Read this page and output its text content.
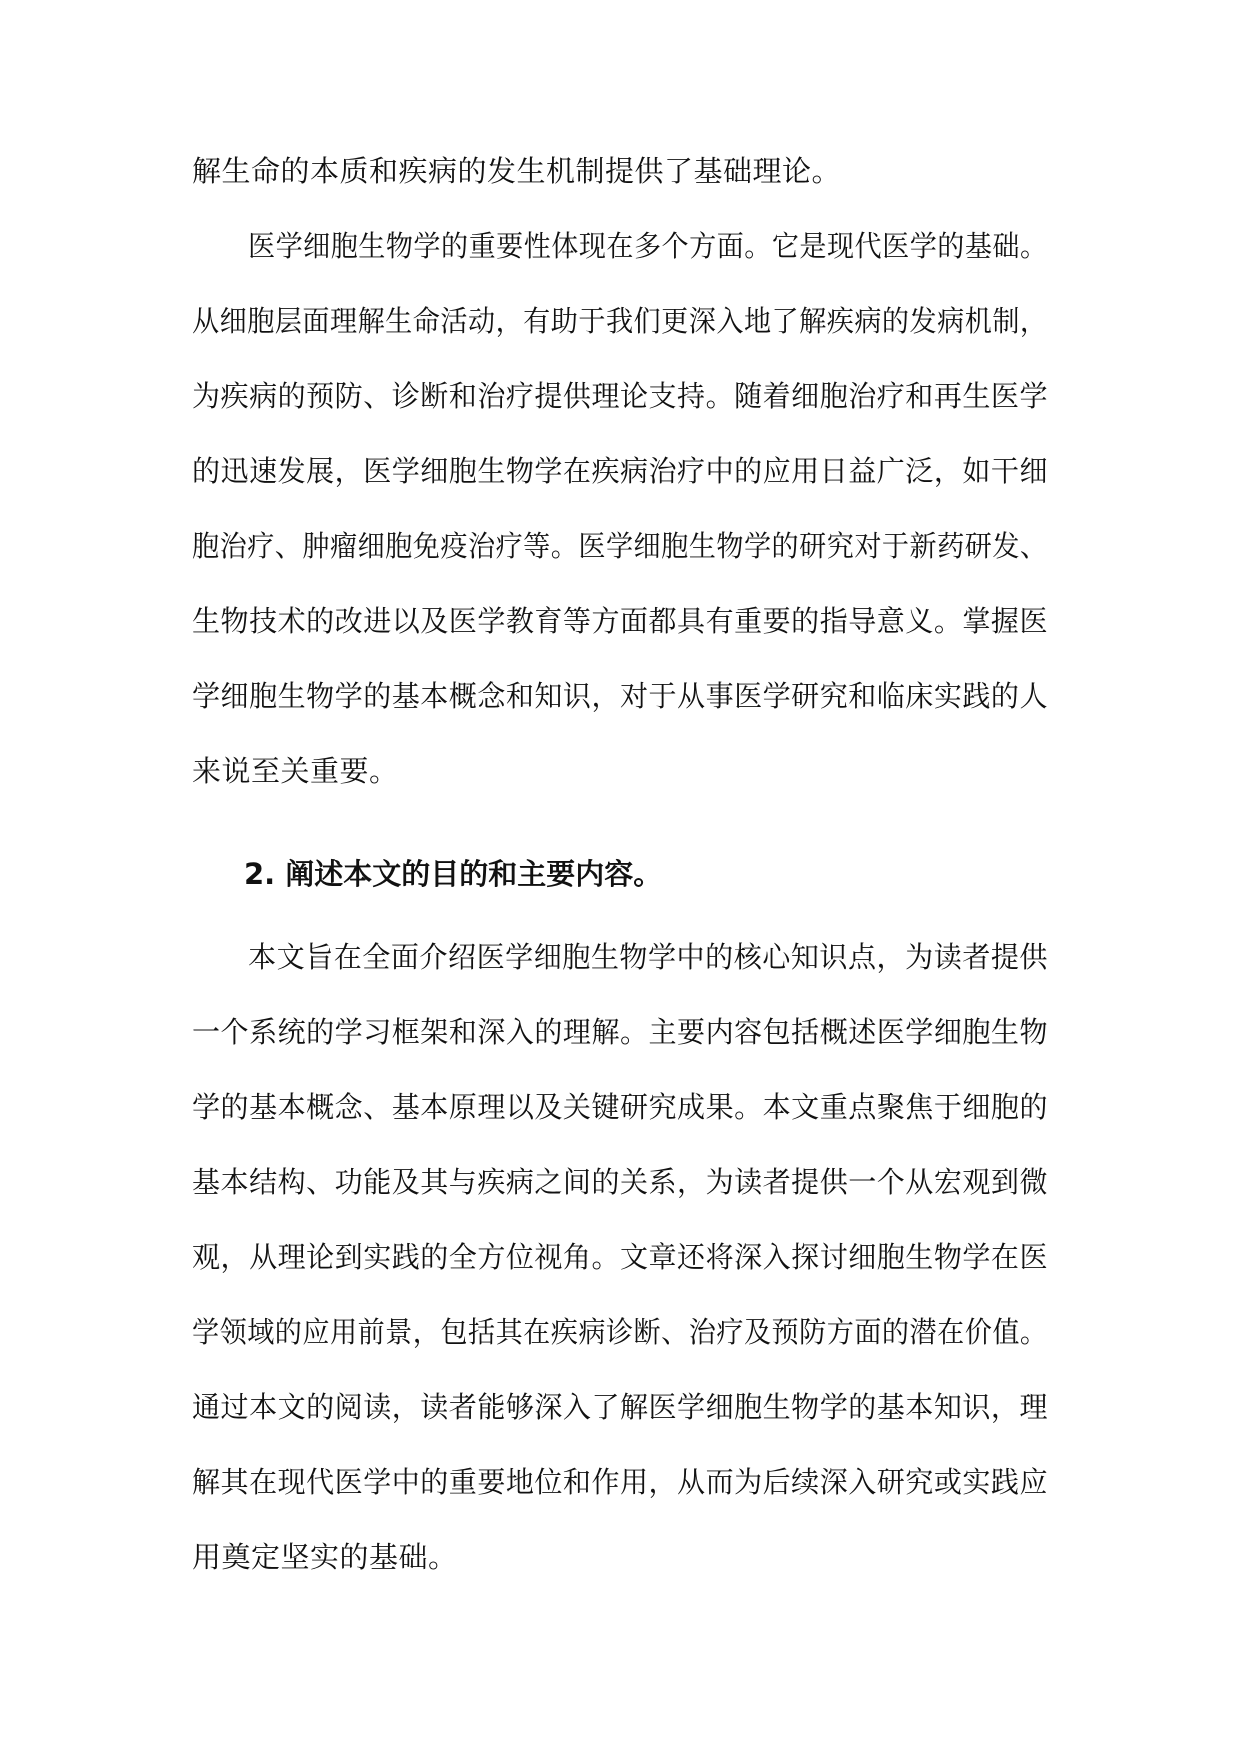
解生命的本质和疾病的发生机制提供了基础理论。
医学细胞生物学的重要性体现在多个方面。它是现代医学的基础。
从细胞层面理解生命活动，有助于我们更深入地了解疾病的发病机制，
为疾病的预防、诊断和治疗提供理论支持。随着细胞治疗和再生医学
的迅速发展，医学细胞生物学在疾病治疗中的应用日益广泛，如干细
胞治疗、肿瘤细胞免疫治疗等。医学细胞生物学的研究对于新药研发、
生物技术的改进以及医学教育等方面都具有重要的指导意义。掌握医
学细胞生物学的基本概念和知识，对于从事医学研究和临床实践的人
来说至关重要。
2. 阐述本文的目的和主要内容。
本文旨在全面介绍医学细胞生物学中的核心知识点，为读者提供
一个系统的学习框架和深入的理解。主要内容包括概述医学细胞生物
学的基本概念、基本原理以及关键研究成果。本文重点聚焦于细胞的
基本结构、功能及其与疾病之间的关系，为读者提供一个从宏观到微
观，从理论到实践的全方位视角。文章还将深入探讨细胞生物学在医
学领域的应用前景，包括其在疾病诊断、治疗及预防方面的潜在价值。
通过本文的阅读，读者能够深入了解医学细胞生物学的基本知识，理
解其在现代医学中的重要地位和作用，从而为后续深入研究或实践应
用奠定坚实的基础。
